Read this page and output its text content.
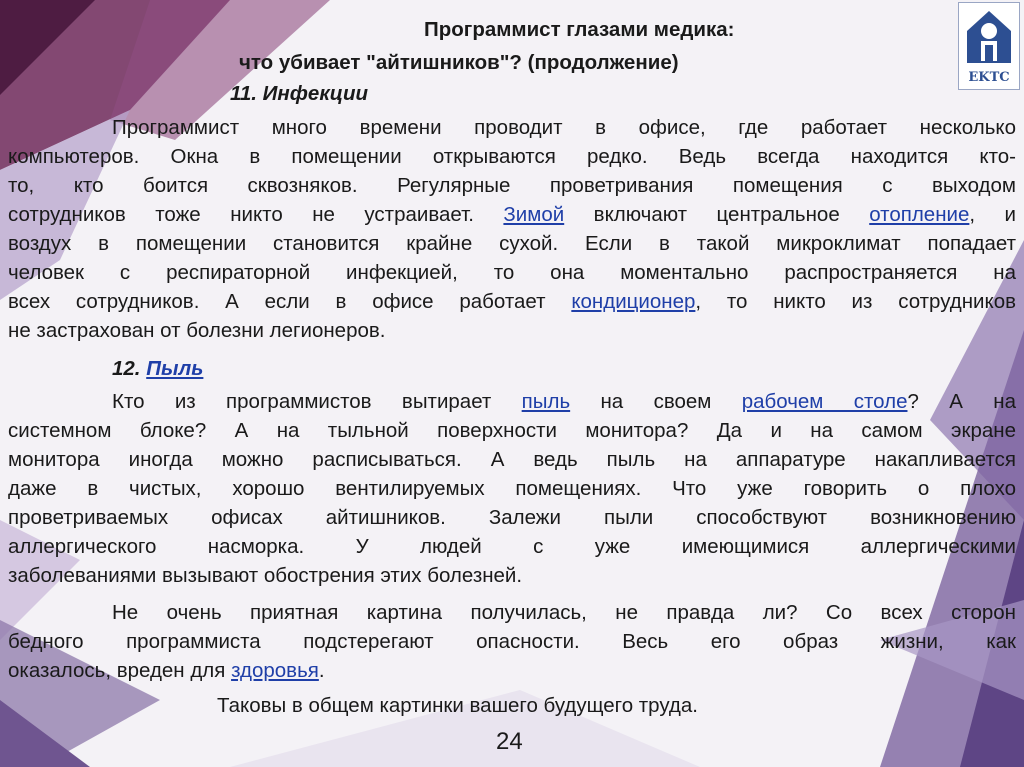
EKTC
Программист глазами медика:
что убивает "айтишников"? (продолжение)
11. Инфекции
Программист много времени проводит в офисе, где работает несколько
компьютеров. Окна в помещении открываются редко. Ведь всегда находится кто-
то, кто боится сквозняков. Регулярные проветривания помещения с выходом
сотрудников тоже никто не устраивает. Зимой включают центральное отопление, и
воздух в помещении становится крайне сухой. Если в такой микроклимат попадает
человек с респираторной инфекцией, то она моментально распространяется на
всех сотрудников. А если в офисе работает кондиционер, то никто из сотрудников
не застрахован от болезни легионеров.
12. Пыль
Кто из программистов вытирает пыль на своем рабочем столе? А на
системном блоке? А на тыльной поверхности монитора? Да и на самом экране
монитора иногда можно расписываться. А ведь пыль на аппаратуре накапливается
даже в чистых, хорошо вентилируемых помещениях. Что уже говорить о плохо
проветриваемых офисах айтишников. Залежи пыли способствуют возникновению
аллергического насморка. У людей с уже имеющимися аллергическими
заболеваниями вызывают обострения этих болезней.
Не очень приятная картина получилась, не правда ли? Со всех сторон
бедного программиста подстерегают опасности. Весь его образ жизни, как
оказалось, вреден для здоровья.
Таковы в общем картинки вашего будущего труда.
24
